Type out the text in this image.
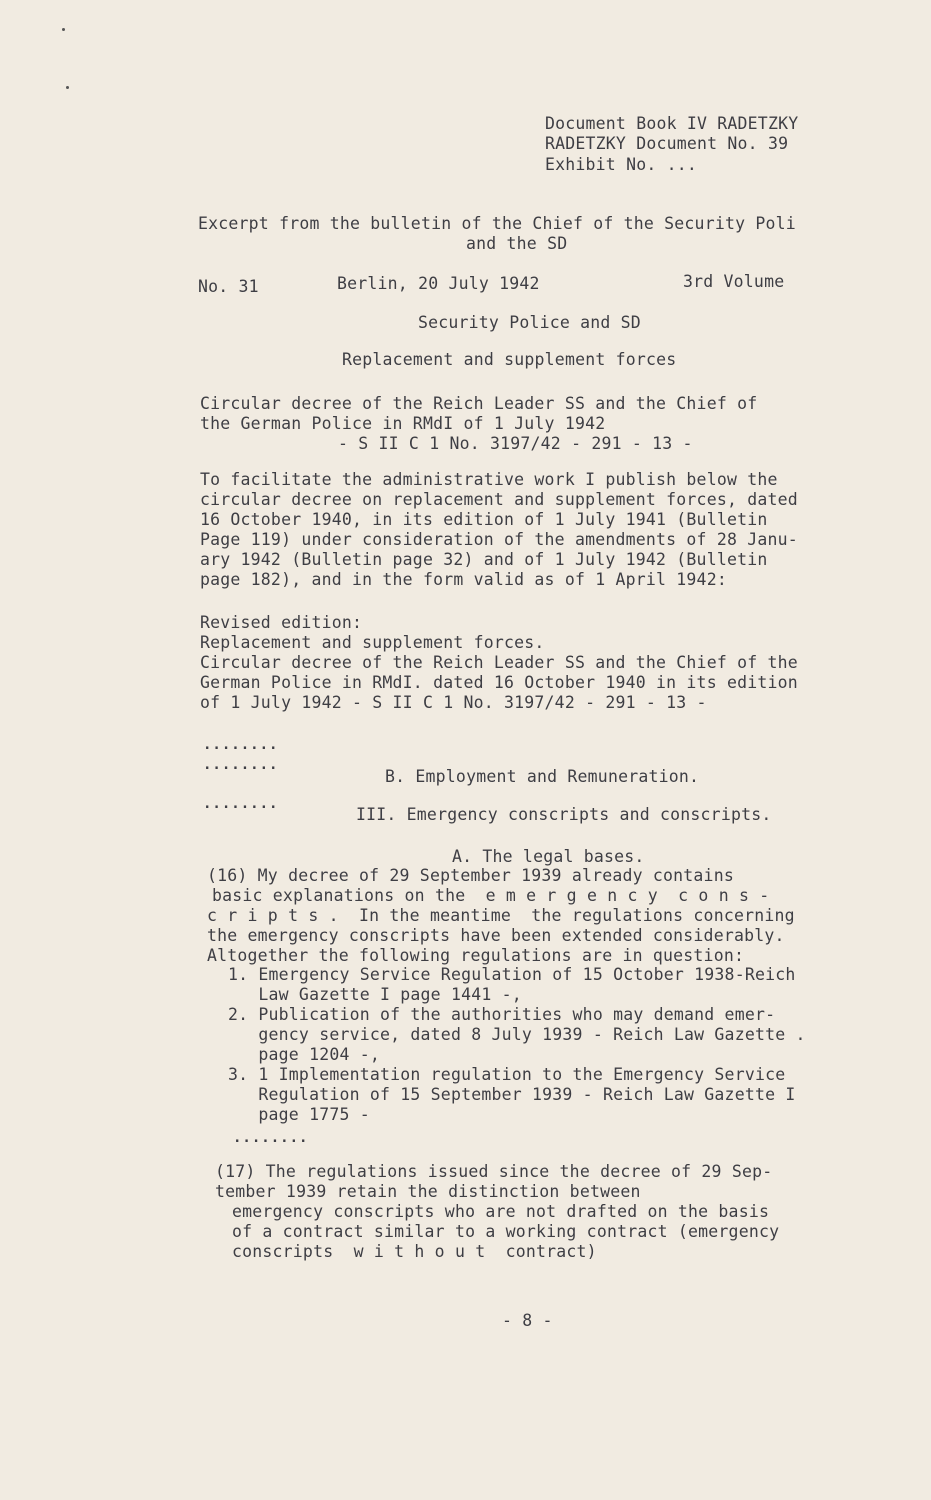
Document Book IV RADETZKY
RADETZKY Document No. 39
Exhibit No. ...
Excerpt from the bulletin of the Chief of the Security Poli
and the SD
No. 31	Berlin, 20 July 1942	3rd Volume
Security Police and SD
Replacement and supplement forces
Circular decree of the Reich Leader SS and the Chief of
the German Police in RMdI of 1 July 1942
- S II C 1 No. 3197/42 - 291 - 13 -
To facilitate the administrative work I publish below the
circular decree on replacement and supplement forces, dated
16 October 1940, in its edition of 1 July 1941 (Bulletin
Page 119) under consideration of the amendments of 28 Janu-
ary 1942 (Bulletin page 32) and of 1 July 1942 (Bulletin
page 182), and in the form valid as of 1 April 1942:
Revised edition:
Replacement and supplement forces.
Circular decree of the Reich Leader SS and the Chief of the
German Police in RMdI. dated 16 October 1940 in its edition
of 1 July 1942 - S II C 1 No. 3197/42 - 291 - 13 -
........
........
B. Employment and Remuneration.
........
III. Emergency conscripts and conscripts.
A. The legal bases.
(16) My decree of 29 September 1939 already contains
basic explanations on the  e m e r g e n c y  c o n s -
c r i p t s .  In the meantime  the regulations concerning
the emergency conscripts have been extended considerably.
Altogether the following regulations are in question:
1. Emergency Service Regulation of 15 October 1938-Reich
Law Gazette I page 1441 -,
2. Publication of the authorities who may demand emer-
gency service, dated 8 July 1939 - Reich Law Gazette .
page 1204 -,
3. 1 Implementation regulation to the Emergency Service
Regulation of 15 September 1939 - Reich Law Gazette I
page 1775 -
........
(17) The regulations issued since the decree of 29 Sep-
tember 1939 retain the distinction between
emergency conscripts who are not drafted on the basis
of a contract similar to a working contract (emergency
conscripts  w i t h o u t  contract)
- 8 -
